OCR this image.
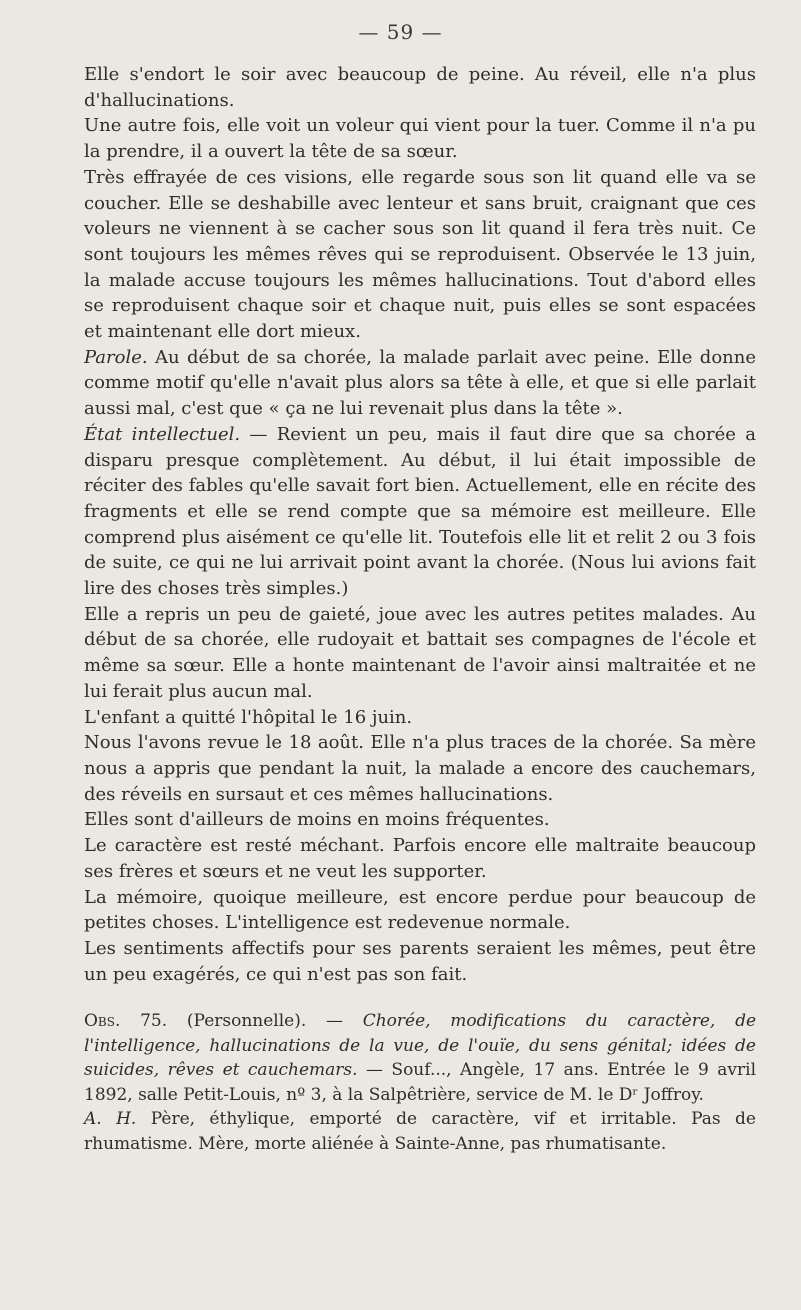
— 59 —

Elle s'endort le soir avec beaucoup de peine. Au réveil, elle n'a plus d'hallucinations.

Une autre fois, elle voit un voleur qui vient pour la tuer. Comme il n'a pu la prendre, il a ouvert la tête de sa sœur.

Très effrayée de ces visions, elle regarde sous son lit quand elle va se coucher. Elle se deshabille avec lenteur et sans bruit, craignant que ces voleurs ne viennent à se cacher sous son lit quand il fera très nuit. Ce sont toujours les mêmes rêves qui se reproduisent. Observée le 13 juin, la malade accuse toujours les mêmes hallucinations. Tout d'abord elles se reproduisent chaque soir et chaque nuit, puis elles se sont espacées et maintenant elle dort mieux.

Parole. Au début de sa chorée, la malade parlait avec peine. Elle donne comme motif qu'elle n'avait plus alors sa tête à elle, et que si elle parlait aussi mal, c'est que « ça ne lui revenait plus dans la tête ».

État intellectuel. — Revient un peu, mais il faut dire que sa chorée a disparu presque complètement. Au début, il lui était impossible de réciter des fables qu'elle savait fort bien. Actuellement, elle en récite des fragments et elle se rend compte que sa mémoire est meilleure. Elle comprend plus aisément ce qu'elle lit. Toutefois elle lit et relit 2 ou 3 fois de suite, ce qui ne lui arrivait point avant la chorée. (Nous lui avions fait lire des choses très simples.)

Elle a repris un peu de gaieté, joue avec les autres petites malades. Au début de sa chorée, elle rudoyait et battait ses compagnes de l'école et même sa sœur. Elle a honte maintenant de l'avoir ainsi maltraitée et ne lui ferait plus aucun mal.

L'enfant a quitté l'hôpital le 16 juin.

Nous l'avons revue le 18 août. Elle n'a plus traces de la chorée. Sa mère nous a appris que pendant la nuit, la malade a encore des cauchemars, des réveils en sursaut et ces mêmes hallucinations.

Elles sont d'ailleurs de moins en moins fréquentes.

Le caractère est resté méchant. Parfois encore elle maltraite beaucoup ses frères et sœurs et ne veut les supporter.

La mémoire, quoique meilleure, est encore perdue pour beaucoup de petites choses. L'intelligence est redevenue normale.

Les sentiments affectifs pour ses parents seraient les mêmes, peut être un peu exagérés, ce qui n'est pas son fait.

Obs. 75. (Personnelle). — Chorée, modifications du caractère, de l'intelligence, hallucinations de la vue, de l'ouïe, du sens génital; idées de suicides, rêves et cauchemars. — Souf..., Angèle, 17 ans. Entrée le 9 avril 1892, salle Petit-Louis, nº 3, à la Salpêtrière, service de M. le Dʳ Joffroy.

A. H. Père, éthylique, emporté de caractère, vif et irritable. Pas de rhumatisme. Mère, morte aliénée à Sainte-Anne, pas rhumatisante.
